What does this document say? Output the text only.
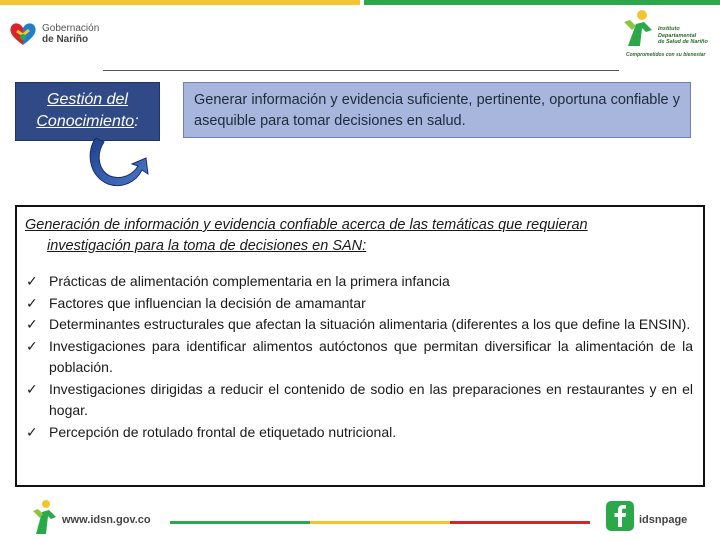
Gobernación
de Nariño
Instituto
Departamental
de Salud de Nariño
Comprometidos con su bienestar
Gestión del
Conocimiento:
Generar información y evidencia suficiente, pertinente, oportuna confiable y asequible para tomar decisiones en salud.
Generación de información y evidencia confiable acerca de las temáticas que requieran
investigación para la toma de decisiones en SAN:
✓ Prácticas de alimentación complementaria en la primera infancia
✓ Factores que influencian la decisión de amamantar
✓ Determinantes estructurales que afectan la situación alimentaria (diferentes a los que define la ENSIN).
✓ Investigaciones para identificar alimentos autóctonos que permitan diversificar la alimentación de la población.
✓ Investigaciones dirigidas a reducir el contenido de sodio en las preparaciones en restaurantes y en el hogar.
✓ Percepción de rotulado frontal de etiquetado nutricional.
www.idsn.gov.co	idsnpage
